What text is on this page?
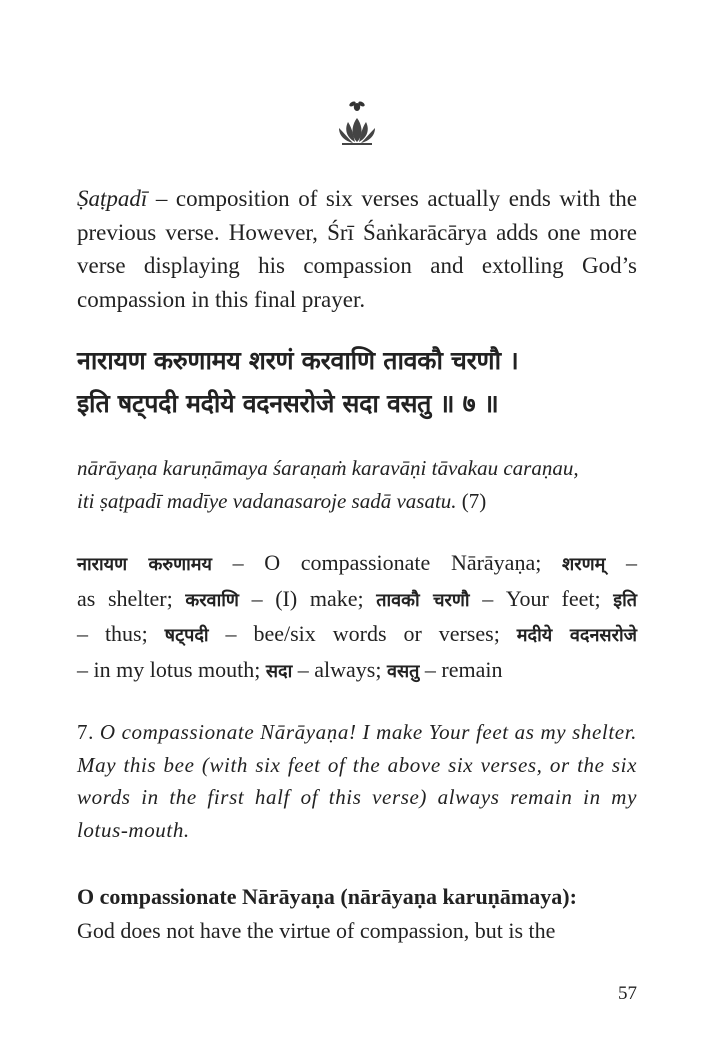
Ṣaṭpadī – composition of six verses actually ends with the previous verse. However, Śrī Śaṅkarācārya adds one more verse displaying his compassion and extolling God’s compassion in this final prayer.

नारायण करुणामय शरणं करवाणि तावकौ चरणौ ।
इति षट्पदी मदीये वदनसरोजे सदा वसतु ॥ ७ ॥
nārāyaṇa karuṇāmaya śaraṇaṁ karavāṇi tāvakau caraṇau,
iti ṣaṭpadī madīye vadanasaroje sadā vasatu. (7)
नारायण करुणामय – O compassionate Nārāyaṇa; शरणम् –
as shelter; करवाणि – (I) make; तावकौ चरणौ – Your feet; इति
– thus; षट्पदी – bee/six words or verses; मदीये वदनसरोजे
– in my lotus mouth; सदा – always; वसतु – remain

7. O compassionate Nārāyaṇa! I make Your feet as my shelter. May this bee (with six feet of the above six verses, or the six words in the first half of this verse) always remain in my lotus-mouth.

O compassionate Nārāyaṇa (nārāyaṇa karuṇāmaya):
God does not have the virtue of compassion, but is the
57
